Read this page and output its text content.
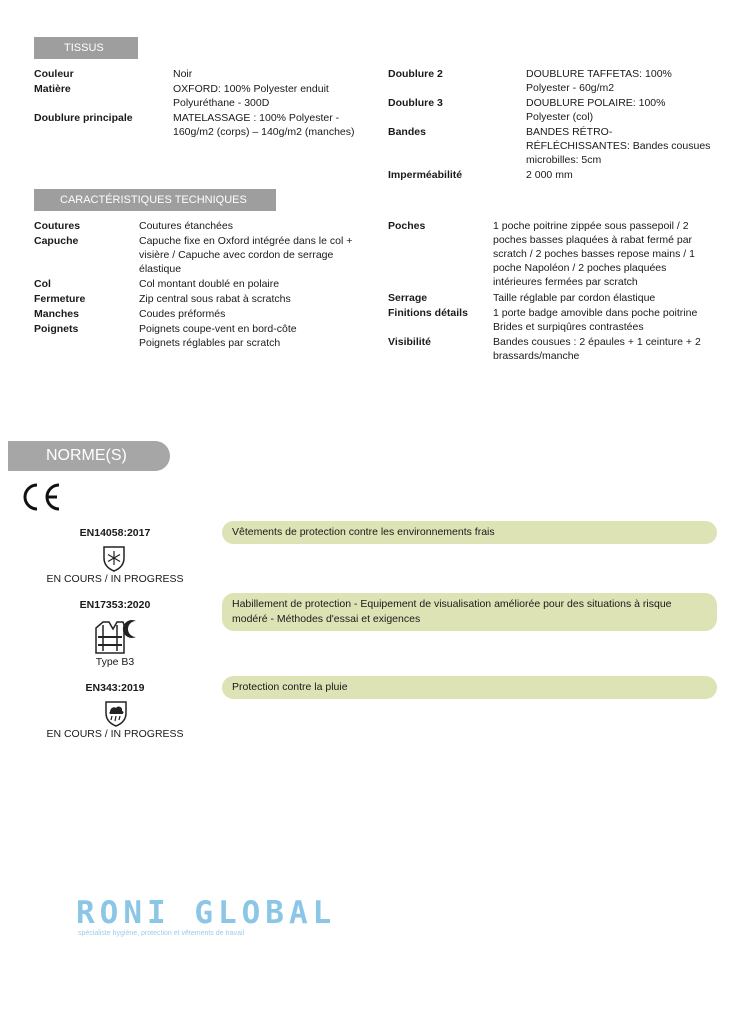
TISSUS
Couleur	Noir
Matière	OXFORD: 100% Polyester enduit
Polyuréthane - 300D
Doublure principale	MATELASSAGE : 100% Polyester -
160g/m2 (corps) – 140g/m2 (manches)
Doublure 2	DOUBLURE TAFFETAS: 100%
Polyester - 60g/m2
Doublure 3	DOUBLURE POLAIRE: 100%
Polyester (col)
Bandes	BANDES RÉTRO-
RÉFLÉCHISSANTES: Bandes cousues
microbilles: 5cm
Imperméabilité	2 000 mm
CARACTÉRISTIQUES TECHNIQUES
Coutures	Coutures étanchées
Capuche	Capuche fixe en Oxford intégrée dans le col +
visière / Capuche avec cordon de serrage
élastique
Col	Col montant doublé en polaire
Fermeture	Zip central sous rabat à scratchs
Manches	Coudes préformés
Poignets	Poignets coupe-vent en bord-côte
Poignets réglables par scratch
Poches	1 poche poitrine zippée sous passepoil / 2
poches basses plaquées à rabat fermé par
scratch / 2 poches basses repose mains / 1
poche Napoléon / 2 poches plaquées
intérieures fermées par scratch
Serrage	Taille réglable par cordon élastique
Finitions détails 1 porte badge amovible dans poche poitrine
Brides et surpiqûres contrastées
Visibilité	Bandes cousues : 2 épaules + 1 ceinture + 2
brassards/manche
NORME(S)
EN14058:2017	Vêtements de protection contre les environnements frais
EN COURS / IN PROGRESS
EN17353:2020	Habillement de protection - Equipement de visualisation améliorée pour des situations à risque modéré - Méthodes d'essai et exigences
Type B3
EN343:2019	Protection contre la pluie
EN COURS / IN PROGRESS
RONI GLOBAL
spécialiste hygiène, protection et vêtements de travail
